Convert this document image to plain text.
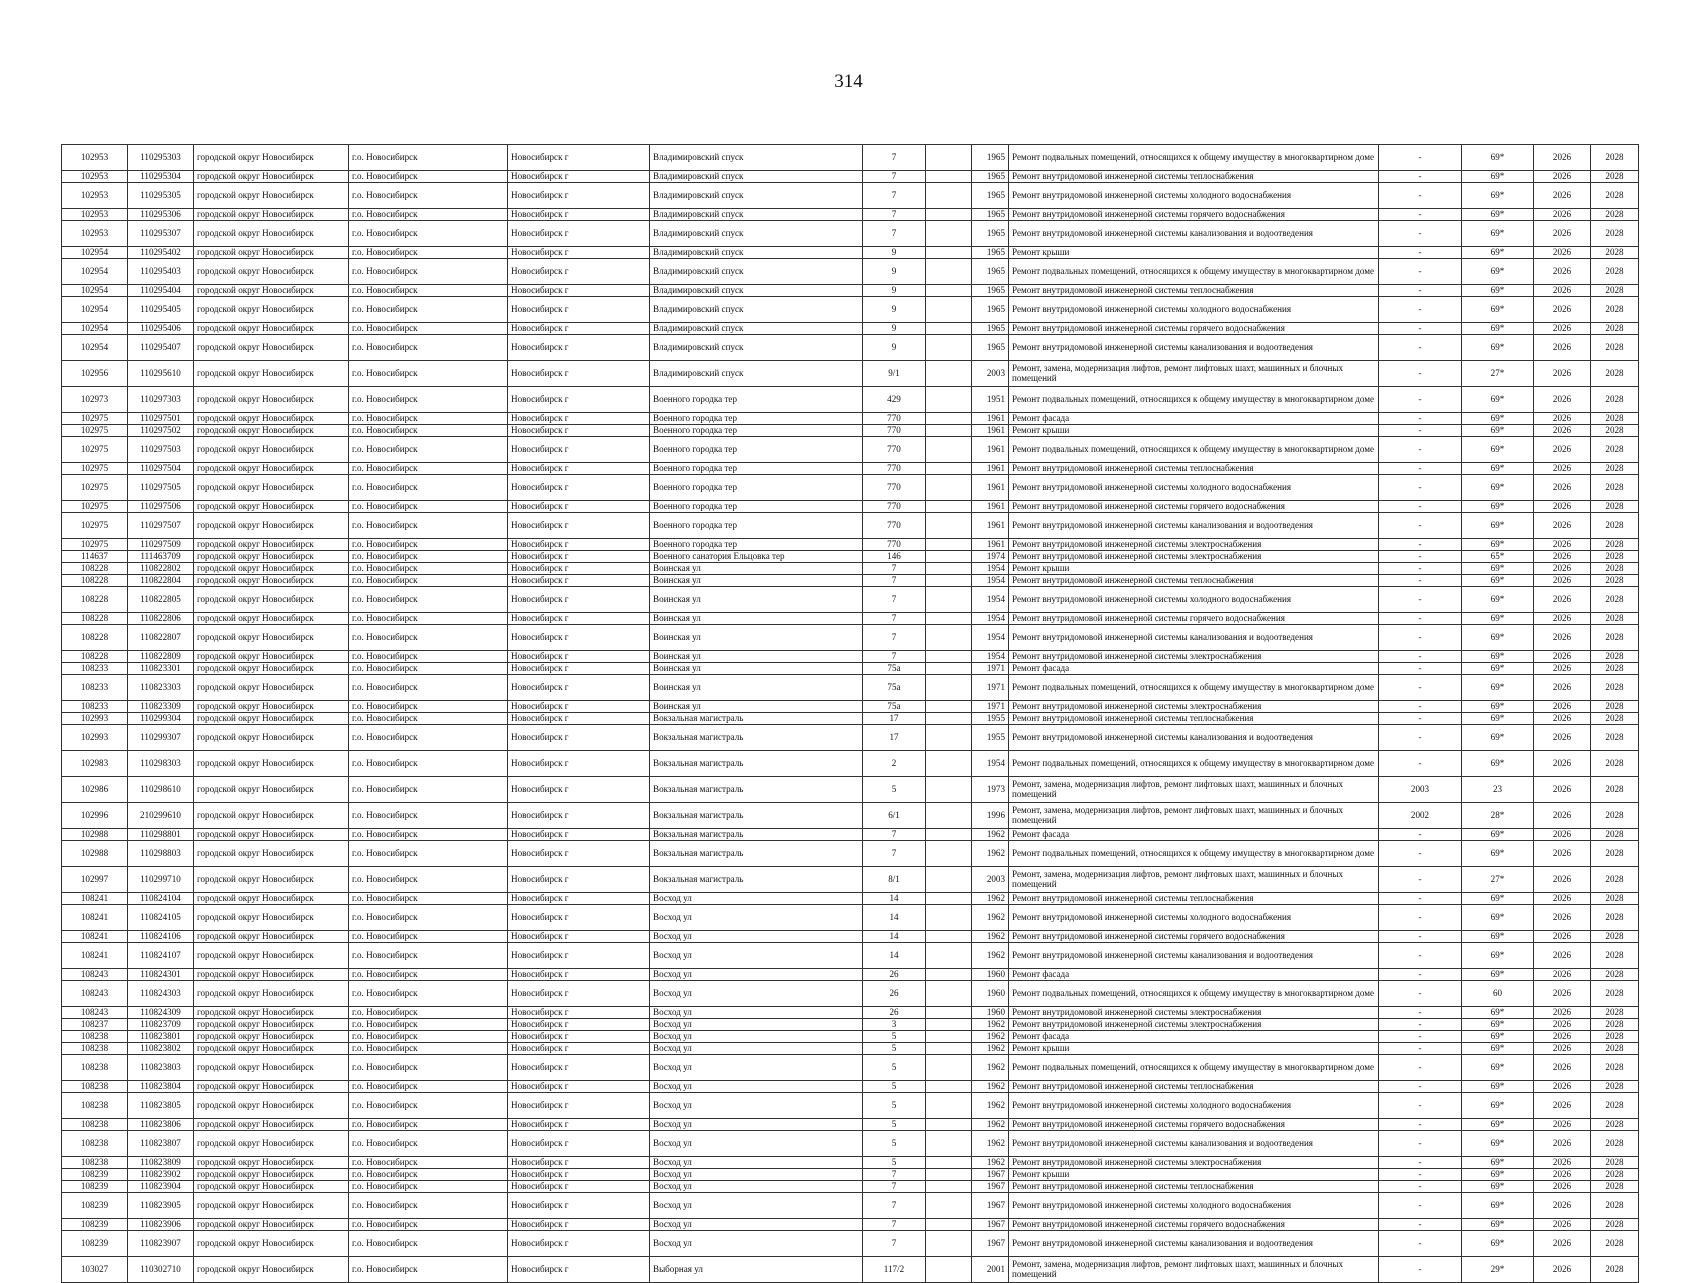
314
102953	110295303	городской округ Новосибирск	г.о. Новосибирск	Новосибирск г	Владимировский спуск	7		1965	Ремонт подвальных помещений, относящихся к общему имуществу в многоквартирном доме	-	69*	2026	2028
102953	110295304	городской округ Новосибирск	г.о. Новосибирск	Новосибирск г	Владимировский спуск	7		1965	Ремонт внутридомовой инженерной системы теплоснабжения	-	69*	2026	2028
102953	110295305	городской округ Новосибирск	г.о. Новосибирск	Новосибирск г	Владимировский спуск	7		1965	Ремонт внутридомовой инженерной системы холодного водоснабжения	-	69*	2026	2028
102953	110295306	городской округ Новосибирск	г.о. Новосибирск	Новосибирск г	Владимировский спуск	7		1965	Ремонт внутридомовой инженерной системы горячего водоснабжения	-	69*	2026	2028
102953	110295307	городской округ Новосибирск	г.о. Новосибирск	Новосибирск г	Владимировский спуск	7		1965	Ремонт внутридомовой инженерной системы канализования и водоотведения	-	69*	2026	2028
102954	110295402	городской округ Новосибирск	г.о. Новосибирск	Новосибирск г	Владимировский спуск	9		1965	Ремонт крыши	-	69*	2026	2028
102954	110295403	городской округ Новосибирск	г.о. Новосибирск	Новосибирск г	Владимировский спуск	9		1965	Ремонт подвальных помещений, относящихся к общему имуществу в многоквартирном доме	-	69*	2026	2028
102954	110295404	городской округ Новосибирск	г.о. Новосибирск	Новосибирск г	Владимировский спуск	9		1965	Ремонт внутридомовой инженерной системы теплоснабжения	-	69*	2026	2028
102954	110295405	городской округ Новосибирск	г.о. Новосибирск	Новосибирск г	Владимировский спуск	9		1965	Ремонт внутридомовой инженерной системы холодного водоснабжения	-	69*	2026	2028
102954	110295406	городской округ Новосибирск	г.о. Новосибирск	Новосибирск г	Владимировский спуск	9		1965	Ремонт внутридомовой инженерной системы горячего водоснабжения	-	69*	2026	2028
102954	110295407	городской округ Новосибирск	г.о. Новосибирск	Новосибирск г	Владимировский спуск	9		1965	Ремонт внутридомовой инженерной системы канализования и водоотведения	-	69*	2026	2028
102956	110295610	городской округ Новосибирск	г.о. Новосибирск	Новосибирск г	Владимировский спуск	9/1		2003	Ремонт, замена, модернизация лифтов, ремонт лифтовых шахт, машинных и блочных помещений	-	27*	2026	2028
102973	110297303	городской округ Новосибирск	г.о. Новосибирск	Новосибирск г	Военного городка тер	429		1951	Ремонт подвальных помещений, относящихся к общему имуществу в многоквартирном доме	-	69*	2026	2028
102975	110297501	городской округ Новосибирск	г.о. Новосибирск	Новосибирск г	Военного городка тер	770		1961	Ремонт фасада	-	69*	2026	2028
102975	110297502	городской округ Новосибирск	г.о. Новосибирск	Новосибирск г	Военного городка тер	770		1961	Ремонт крыши	-	69*	2026	2028
102975	110297503	городской округ Новосибирск	г.о. Новосибирск	Новосибирск г	Военного городка тер	770		1961	Ремонт подвальных помещений, относящихся к общему имуществу в многоквартирном доме	-	69*	2026	2028
102975	110297504	городской округ Новосибирск	г.о. Новосибирск	Новосибирск г	Военного городка тер	770		1961	Ремонт внутридомовой инженерной системы теплоснабжения	-	69*	2026	2028
102975	110297505	городской округ Новосибирск	г.о. Новосибирск	Новосибирск г	Военного городка тер	770		1961	Ремонт внутридомовой инженерной системы холодного водоснабжения	-	69*	2026	2028
102975	110297506	городской округ Новосибирск	г.о. Новосибирск	Новосибирск г	Военного городка тер	770		1961	Ремонт внутридомовой инженерной системы горячего водоснабжения	-	69*	2026	2028
102975	110297507	городской округ Новосибирск	г.о. Новосибирск	Новосибирск г	Военного городка тер	770		1961	Ремонт внутридомовой инженерной системы канализования и водоотведения	-	69*	2026	2028
102975	110297509	городской округ Новосибирск	г.о. Новосибирск	Новосибирск г	Военного городка тер	770		1961	Ремонт внутридомовой инженерной системы электроснабжения	-	69*	2026	2028
114637	111463709	городской округ Новосибирск	г.о. Новосибирск	Новосибирск г	Военного санатория Ельцовка тер	146		1974	Ремонт внутридомовой инженерной системы электроснабжения	-	65*	2026	2028
108228	110822802	городской округ Новосибирск	г.о. Новосибирск	Новосибирск г	Воинская ул	7		1954	Ремонт крыши	-	69*	2026	2028
108228	110822804	городской округ Новосибирск	г.о. Новосибирск	Новосибирск г	Воинская ул	7		1954	Ремонт внутридомовой инженерной системы теплоснабжения	-	69*	2026	2028
108228	110822805	городской округ Новосибирск	г.о. Новосибирск	Новосибирск г	Воинская ул	7		1954	Ремонт внутридомовой инженерной системы холодного водоснабжения	-	69*	2026	2028
108228	110822806	городской округ Новосибирск	г.о. Новосибирск	Новосибирск г	Воинская ул	7		1954	Ремонт внутридомовой инженерной системы горячего водоснабжения	-	69*	2026	2028
108228	110822807	городской округ Новосибирск	г.о. Новосибирск	Новосибирск г	Воинская ул	7		1954	Ремонт внутридомовой инженерной системы канализования и водоотведения	-	69*	2026	2028
108228	110822809	городской округ Новосибирск	г.о. Новосибирск	Новосибирск г	Воинская ул	7		1954	Ремонт внутридомовой инженерной системы электроснабжения	-	69*	2026	2028
108233	110823301	городской округ Новосибирск	г.о. Новосибирск	Новосибирск г	Воинская ул	75а		1971	Ремонт фасада	-	69*	2026	2028
108233	110823303	городской округ Новосибирск	г.о. Новосибирск	Новосибирск г	Воинская ул	75а		1971	Ремонт подвальных помещений, относящихся к общему имуществу в многоквартирном доме	-	69*	2026	2028
108233	110823309	городской округ Новосибирск	г.о. Новосибирск	Новосибирск г	Воинская ул	75а		1971	Ремонт внутридомовой инженерной системы электроснабжения	-	69*	2026	2028
102993	110299304	городской округ Новосибирск	г.о. Новосибирск	Новосибирск г	Вокзальная магистраль	17		1955	Ремонт внутридомовой инженерной системы теплоснабжения	-	69*	2026	2028
102993	110299307	городской округ Новосибирск	г.о. Новосибирск	Новосибирск г	Вокзальная магистраль	17		1955	Ремонт внутридомовой инженерной системы канализования и водоотведения	-	69*	2026	2028
102983	110298303	городской округ Новосибирск	г.о. Новосибирск	Новосибирск г	Вокзальная магистраль	2		1954	Ремонт подвальных помещений, относящихся к общему имуществу в многоквартирном доме	-	69*	2026	2028
102986	110298610	городской округ Новосибирск	г.о. Новосибирск	Новосибирск г	Вокзальная магистраль	5		1973	Ремонт, замена, модернизация лифтов, ремонт лифтовых шахт, машинных и блочных помещений	2003	23	2026	2028
102996	210299610	городской округ Новосибирск	г.о. Новосибирск	Новосибирск г	Вокзальная магистраль	6/1		1996	Ремонт, замена, модернизация лифтов, ремонт лифтовых шахт, машинных и блочных помещений	2002	28*	2026	2028
102988	110298801	городской округ Новосибирск	г.о. Новосибирск	Новосибирск г	Вокзальная магистраль	7		1962	Ремонт фасада	-	69*	2026	2028
102988	110298803	городской округ Новосибирск	г.о. Новосибирск	Новосибирск г	Вокзальная магистраль	7		1962	Ремонт подвальных помещений, относящихся к общему имуществу в многоквартирном доме	-	69*	2026	2028
102997	110299710	городской округ Новосибирск	г.о. Новосибирск	Новосибирск г	Вокзальная магистраль	8/1		2003	Ремонт, замена, модернизация лифтов, ремонт лифтовых шахт, машинных и блочных помещений	-	27*	2026	2028
108241	110824104	городской округ Новосибирск	г.о. Новосибирск	Новосибирск г	Восход ул	14		1962	Ремонт внутридомовой инженерной системы теплоснабжения	-	69*	2026	2028
108241	110824105	городской округ Новосибирск	г.о. Новосибирск	Новосибирск г	Восход ул	14		1962	Ремонт внутридомовой инженерной системы холодного водоснабжения	-	69*	2026	2028
108241	110824106	городской округ Новосибирск	г.о. Новосибирск	Новосибирск г	Восход ул	14		1962	Ремонт внутридомовой инженерной системы горячего водоснабжения	-	69*	2026	2028
108241	110824107	городской округ Новосибирск	г.о. Новосибирск	Новосибирск г	Восход ул	14		1962	Ремонт внутридомовой инженерной системы канализования и водоотведения	-	69*	2026	2028
108243	110824301	городской округ Новосибирск	г.о. Новосибирск	Новосибирск г	Восход ул	26		1960	Ремонт фасада	-	69*	2026	2028
108243	110824303	городской округ Новосибирск	г.о. Новосибирск	Новосибирск г	Восход ул	26		1960	Ремонт подвальных помещений, относящихся к общему имуществу в многоквартирном доме	-	60	2026	2028
108243	110824309	городской округ Новосибирск	г.о. Новосибирск	Новосибирск г	Восход ул	26		1960	Ремонт внутридомовой инженерной системы электроснабжения	-	69*	2026	2028
108237	110823709	городской округ Новосибирск	г.о. Новосибирск	Новосибирск г	Восход ул	3		1962	Ремонт внутридомовой инженерной системы электроснабжения	-	69*	2026	2028
108238	110823801	городской округ Новосибирск	г.о. Новосибирск	Новосибирск г	Восход ул	5		1962	Ремонт фасада	-	69*	2026	2028
108238	110823802	городской округ Новосибирск	г.о. Новосибирск	Новосибирск г	Восход ул	5		1962	Ремонт крыши	-	69*	2026	2028
108238	110823803	городской округ Новосибирск	г.о. Новосибирск	Новосибирск г	Восход ул	5		1962	Ремонт подвальных помещений, относящихся к общему имуществу в многоквартирном доме	-	69*	2026	2028
108238	110823804	городской округ Новосибирск	г.о. Новосибирск	Новосибирск г	Восход ул	5		1962	Ремонт внутридомовой инженерной системы теплоснабжения	-	69*	2026	2028
108238	110823805	городской округ Новосибирск	г.о. Новосибирск	Новосибирск г	Восход ул	5		1962	Ремонт внутридомовой инженерной системы холодного водоснабжения	-	69*	2026	2028
108238	110823806	городской округ Новосибирск	г.о. Новосибирск	Новосибирск г	Восход ул	5		1962	Ремонт внутридомовой инженерной системы горячего водоснабжения	-	69*	2026	2028
108238	110823807	городской округ Новосибирск	г.о. Новосибирск	Новосибирск г	Восход ул	5		1962	Ремонт внутридомовой инженерной системы канализования и водоотведения	-	69*	2026	2028
108238	110823809	городской округ Новосибирск	г.о. Новосибирск	Новосибирск г	Восход ул	5		1962	Ремонт внутридомовой инженерной системы электроснабжения	-	69*	2026	2028
108239	110823902	городской округ Новосибирск	г.о. Новосибирск	Новосибирск г	Восход ул	7		1967	Ремонт крыши	-	69*	2026	2028
108239	110823904	городской округ Новосибирск	г.о. Новосибирск	Новосибирск г	Восход ул	7		1967	Ремонт внутридомовой инженерной системы теплоснабжения	-	69*	2026	2028
108239	110823905	городской округ Новосибирск	г.о. Новосибирск	Новосибирск г	Восход ул	7		1967	Ремонт внутридомовой инженерной системы холодного водоснабжения	-	69*	2026	2028
108239	110823906	городской округ Новосибирск	г.о. Новосибирск	Новосибирск г	Восход ул	7		1967	Ремонт внутридомовой инженерной системы горячего водоснабжения	-	69*	2026	2028
108239	110823907	городской округ Новосибирск	г.о. Новосибирск	Новосибирск г	Восход ул	7		1967	Ремонт внутридомовой инженерной системы канализования и водоотведения	-	69*	2026	2028
103027	110302710	городской округ Новосибирск	г.о. Новосибирск	Новосибирск г	Выборная ул	117/2		2001	Ремонт, замена, модернизация лифтов, ремонт лифтовых шахт, машинных и блочных помещений	-	29*	2026	2028
